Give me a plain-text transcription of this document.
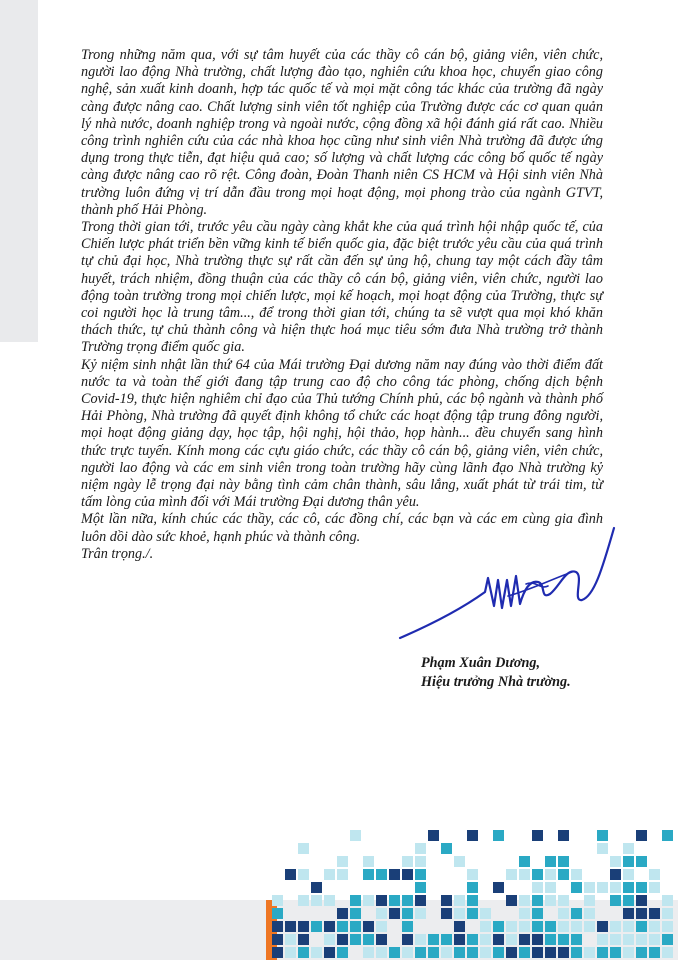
Trong những năm qua, với sự tâm huyết của các thầy cô cán bộ, giảng viên, viên chức, người lao động Nhà trường, chất lượng đào tạo, nghiên cứu khoa học, chuyển giao công nghệ, sản xuất kinh doanh, hợp tác quốc tế và mọi mặt công tác khác của trường đã ngày càng được nâng cao. Chất lượng sinh viên tốt nghiệp của Trường được các cơ quan quản lý nhà nước, doanh nghiệp trong và ngoài nước, cộng đồng xã hội đánh giá rất cao. Nhiều công trình nghiên cứu của các nhà khoa học cũng như sinh viên Nhà trường đã được ứng dụng trong thực tiễn, đạt hiệu quả cao; số lượng và chất lượng các công bố quốc tế ngày càng được nâng cao rõ rệt. Công đoàn, Đoàn Thanh niên CS HCM và Hội sinh viên Nhà trường luôn đứng vị trí dẫn đầu trong mọi hoạt động, mọi phong trào của ngành GTVT, thành phố Hải Phòng.

Trong thời gian tới, trước yêu cầu ngày càng khắt khe của quá trình hội nhập quốc tế, của Chiến lược phát triển bền vững kinh tế biển quốc gia, đặc biệt trước yêu cầu của quá trình tự chủ đại học, Nhà trường thực sự rất cần đến sự ủng hộ, chung tay một cách đầy tâm huyết, trách nhiệm, đồng thuận của các thầy cô cán bộ, giảng viên, viên chức, người lao động toàn trường trong mọi chiến lược, mọi kế hoạch, mọi hoạt động của Trường, thực sự coi người học là trung tâm..., để trong thời gian tới, chúng ta sẽ vượt qua mọi khó khăn thách thức, tự chủ thành công và hiện thực hoá mục tiêu sớm đưa Nhà trường trở thành Trường trọng điểm quốc gia.

Kỷ niệm sinh nhật lần thứ 64 của Mái trường Đại dương năm nay đúng vào thời điểm đất nước ta và toàn thế giới đang tập trung cao độ cho công tác phòng, chống dịch bệnh Covid-19, thực hiện nghiêm chỉ đạo của Thủ tướng Chính phủ, các bộ ngành và thành phố Hải Phòng, Nhà trường đã quyết định không tổ chức các hoạt động tập trung đông người, mọi hoạt động giảng dạy, học tập, hội nghị, hội thảo, họp hành... đều chuyển sang hình thức trực tuyến. Kính mong các cựu giáo chức, các thầy cô cán bộ, giảng viên, viên chức, người lao động và các em sinh viên trong toàn trường hãy cùng lãnh đạo Nhà trường kỷ niệm ngày lễ trọng đại này bằng tình cảm chân thành, sâu lắng, xuất phát từ trái tim, từ tấm lòng của mình đối với Mái trường Đại dương thân yêu.

Một lần nữa, kính chúc các thầy, các cô, các đồng chí, các bạn và các em cùng gia đình luôn dồi dào sức khoẻ, hạnh phúc và thành công.

Trân trọng./.

Phạm Xuân Dương,
Hiệu trưởng Nhà trường.
